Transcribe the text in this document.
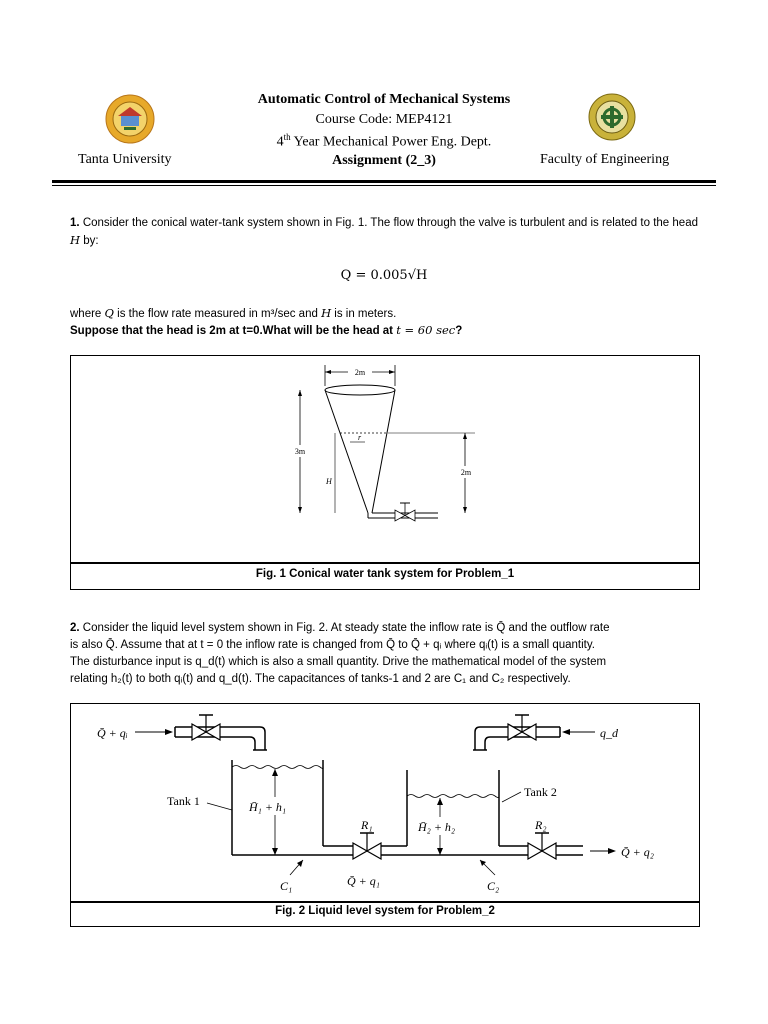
Automatic Control of Mechanical Systems
Course Code: MEP4121
4th Year Mechanical Power Eng. Dept.
Assignment (2_3)
Tanta University	Faculty of Engineering
1. Consider the conical water-tank system shown in Fig. 1. The flow through the valve is turbulent and is related to the head H by:
Q = 0.005√H
where Q is the flow rate measured in m³/sec and H is in meters.
Suppose that the head is 2m at t=0.What will be the head at t = 60 sec?
2m
r
3m
H
2m
Fig. 1 Conical water tank system for Problem_1
2. Consider the liquid level system shown in Fig. 2. At steady state the inflow rate is Q̄ and the outflow rate
is also Q̄. Assume that at t = 0 the inflow rate is changed from Q̄ to Q̄ + qᵢ where qᵢ(t) is a small quantity.
The disturbance input is q_d(t) which is also a small quantity. Drive the mathematical model of the system
relating h₂(t) to both qᵢ(t) and q_d(t). The capacitances of tanks-1 and 2 are C₁ and C₂ respectively.
Q̄ + qᵢ
H̄₁ + h₁
Tank 1
C₁
R₁
Q̄ + q₁
H̄₂ + h₂
Tank 2
C₂
q_d
R₂
Q̄ + q₂
Fig. 2 Liquid level system for Problem_2
